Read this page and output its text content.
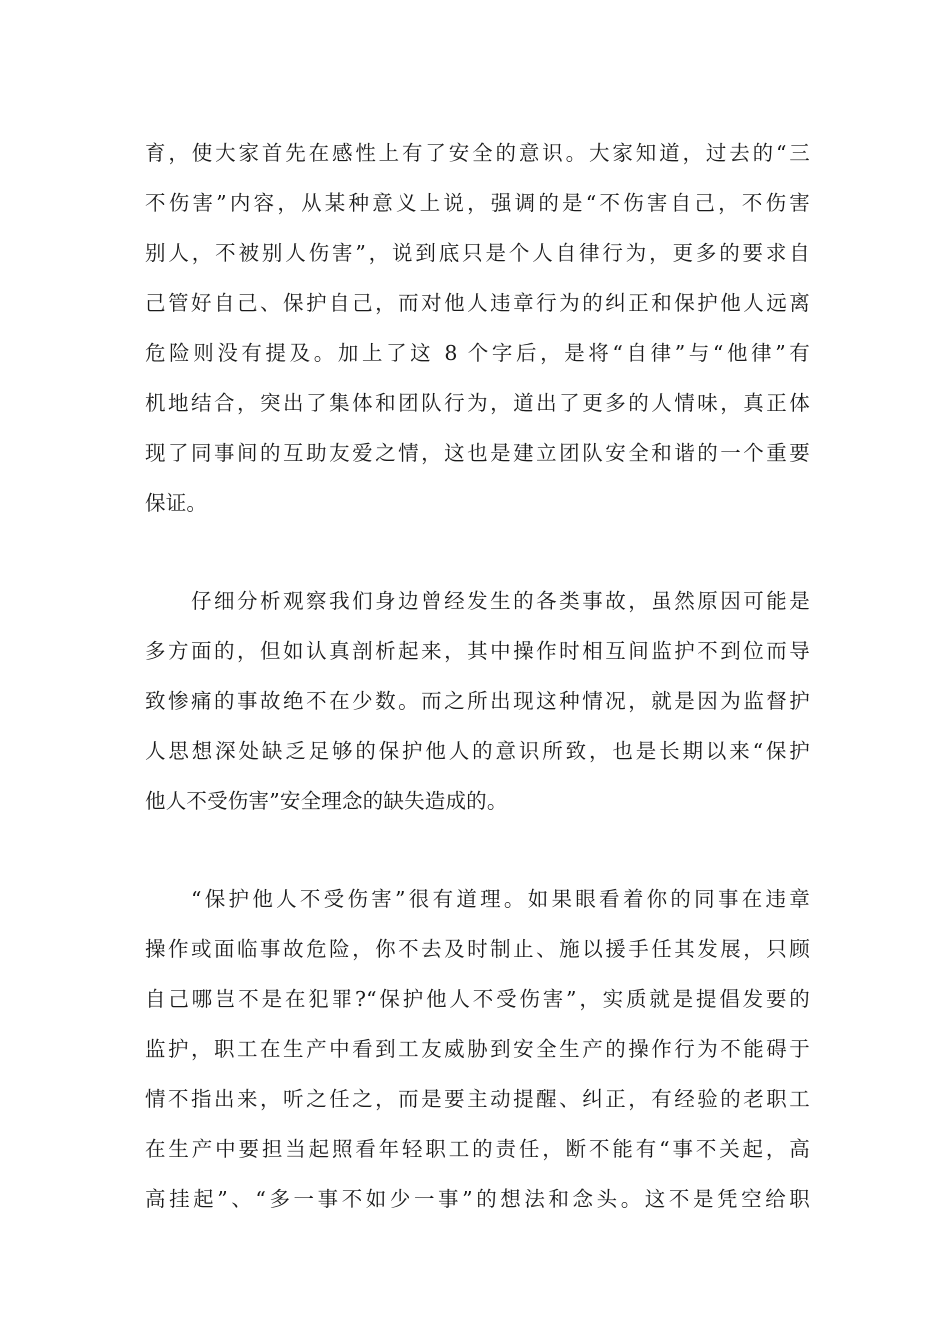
育，使大家首先在感性上有了安全的意识。大家知道，过去的“三
不伤害”内容，从某种意义上说，强调的是“不伤害自己，不伤害
别人，不被别人伤害”，说到底只是个人自律行为，更多的要求自
己管好自己、保护自己，而对他人违章行为的纠正和保护他人远离
危险则没有提及。加上了这 8 个字后，是将“自律”与“他律”有
机地结合，突出了集体和团队行为，道出了更多的人情味，真正体
现了同事间的互助友爱之情，这也是建立团队安全和谐的一个重要
保证。
仔细分析观察我们身边曾经发生的各类事故，虽然原因可能是
多方面的，但如认真剖析起来，其中操作时相互间监护不到位而导
致惨痛的事故绝不在少数。而之所出现这种情况，就是因为监督护
人思想深处缺乏足够的保护他人的意识所致，也是长期以来“保护
他人不受伤害”安全理念的缺失造成的。
“保护他人不受伤害”很有道理。如果眼看着你的同事在违章
操作或面临事故危险，你不去及时制止、施以援手任其发展，只顾
自己哪岂不是在犯罪?“保护他人不受伤害”，实质就是提倡发要的
监护，职工在生产中看到工友威胁到安全生产的操作行为不能碍于
情不指出来，听之任之，而是要主动提醒、纠正，有经验的老职工
在生产中要担当起照看年轻职工的责任，断不能有“事不关起，高
高挂起”、“多一事不如少一事”的想法和念头。这不是凭空给职
